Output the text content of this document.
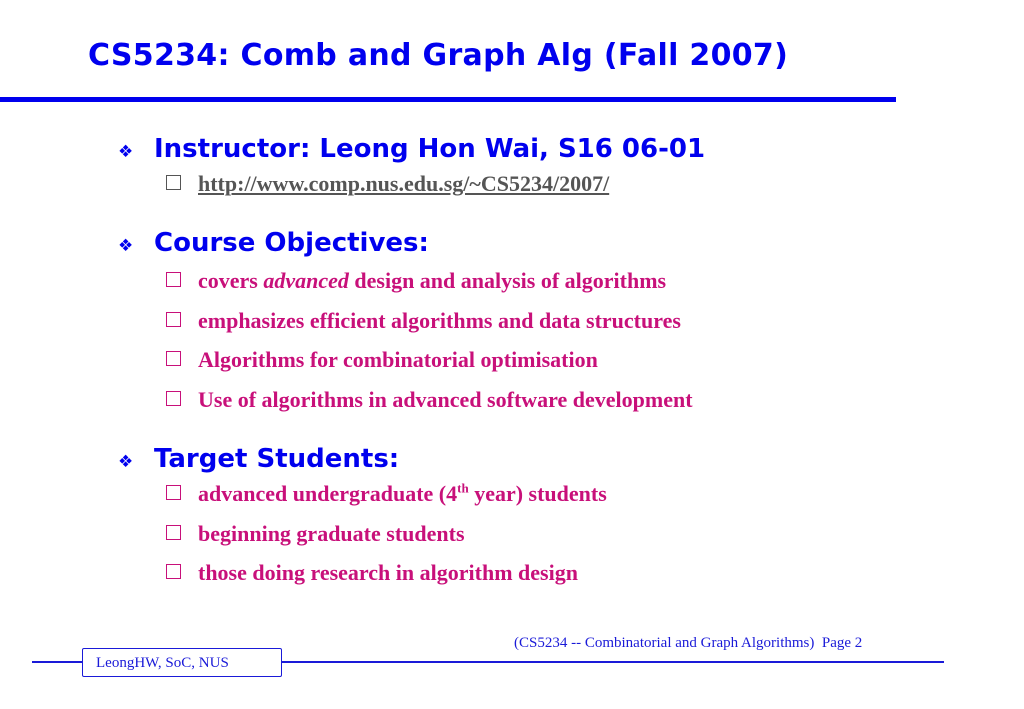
CS5234: Comb and Graph Alg (Fall 2007)
❖ Instructor: Leong Hon Wai, S16 06-01
http://www.comp.nus.edu.sg/~CS5234/2007/
❖ Course Objectives:
covers advanced design and analysis of algorithms
emphasizes efficient algorithms and data structures
Algorithms for combinatorial optimisation
Use of algorithms in advanced software development
❖ Target Students:
advanced undergraduate (4th year) students
beginning graduate students
those doing research in algorithm design
(CS5234 -- Combinatorial and Graph Algorithms) Page 2
LeongHW, SoC, NUS
